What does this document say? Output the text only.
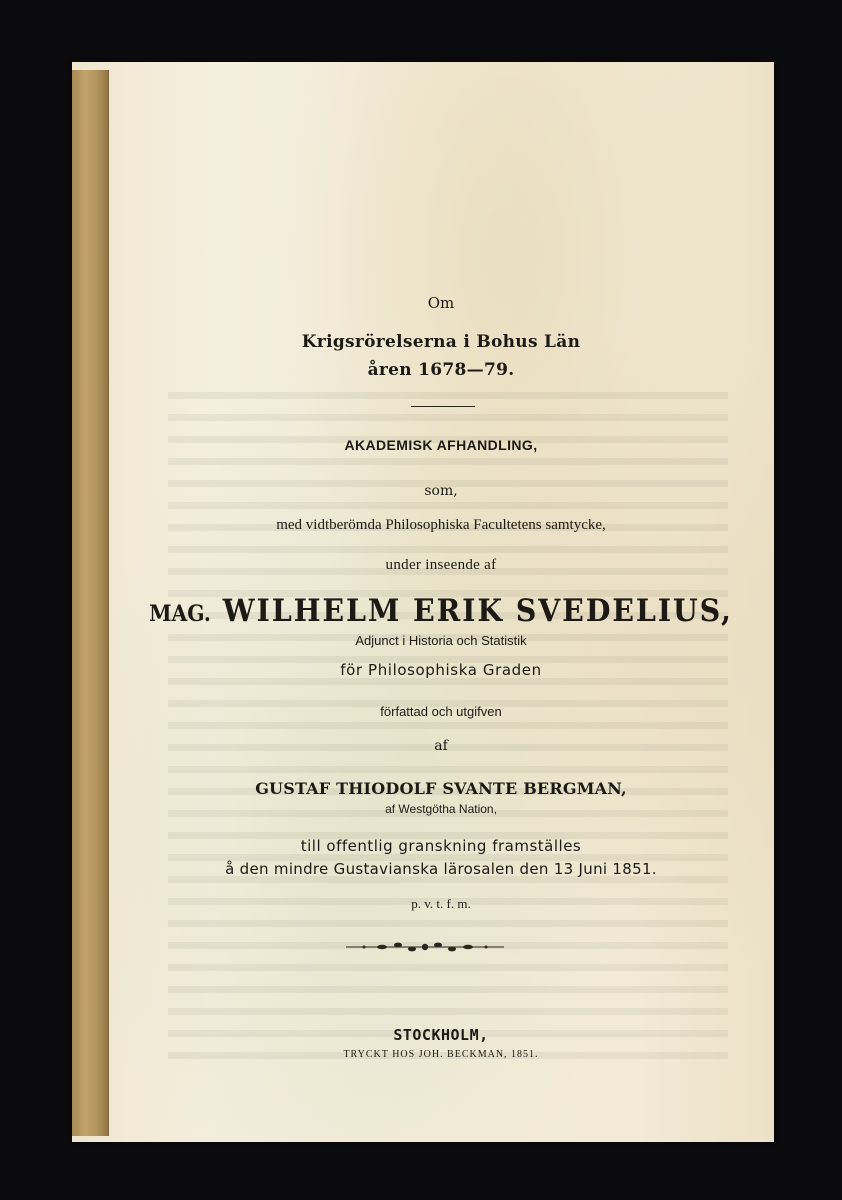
Om
Krigsrörelserna i Bohus Län
åren 1678—79.
AKADEMISK AFHANDLING,
som,
med vidtberömda Philosophiska Facultetens samtycke,
under inseende af
MAG. WILHELM ERIK SVEDELIUS,
Adjunct i Historia och Statistik
för Philosophiska Graden
författad och utgifven
af
GUSTAF THIODOLF SVANTE BERGMAN,
af Westgötha Nation,
till offentlig granskning framställes
å den mindre Gustavianska lärosalen den 13 Juni 1851.
p. v. t. f. m.
STOCKHOLM,
TRYCKT HOS JOH. BECKMAN, 1851.
